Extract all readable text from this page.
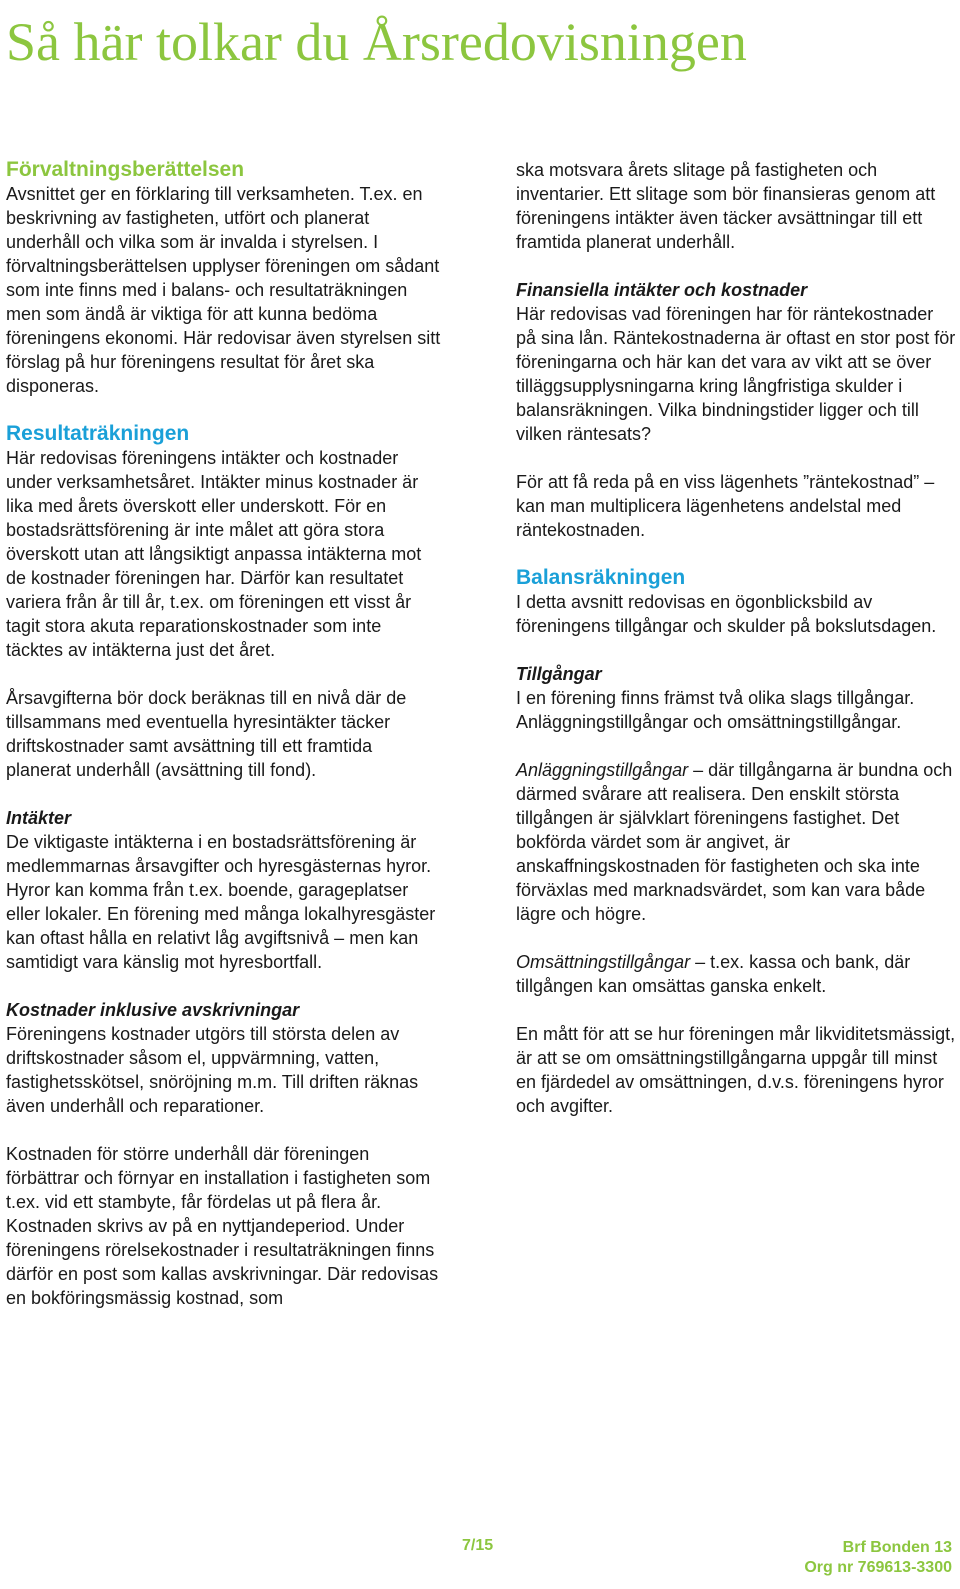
Så här tolkar du Årsredovisningen
Förvaltningsberättelsen

Avsnittet ger en förklaring till verksamheten. T.ex. en beskrivning av fastigheten, utfört och planerat underhåll och vilka som är invalda i styrelsen. I förvaltningsberättelsen upplyser föreningen om sådant som inte finns med i balans- och resultaträkningen men som ändå är viktiga för att kunna bedöma föreningens ekonomi. Här redovisar även styrelsen sitt förslag på hur föreningens resultat för året ska disponeras.

Resultaträkningen

Här redovisas föreningens intäkter och kostnader under verksamhetsåret. Intäkter minus kostnader är lika med årets överskott eller underskott. För en bostadsrättsförening är inte målet att göra stora överskott utan att långsiktigt anpassa intäkterna mot de kostnader föreningen har. Därför kan resultatet variera från år till år, t.ex. om föreningen ett visst år tagit stora akuta reparationskostnader som inte täcktes av intäkterna just det året.

Årsavgifterna bör dock beräknas till en nivå där de tillsammans med eventuella hyresintäkter täcker driftskostnader samt avsättning till ett framtida planerat underhåll (avsättning till fond).

Intäkter

De viktigaste intäkterna i en bostadsrättsförening är medlemmarnas årsavgifter och hyresgästernas hyror. Hyror kan komma från t.ex. boende, garageplatser eller lokaler. En förening med många lokalhyresgäster kan oftast hålla en relativt låg avgiftsnivå – men kan samtidigt vara känslig mot hyresbortfall.

Kostnader inklusive avskrivningar

Föreningens kostnader utgörs till största delen av driftskostnader såsom el, uppvärmning, vatten, fastighetsskötsel, snöröjning m.m. Till driften räknas även underhåll och reparationer.

Kostnaden för större underhåll där föreningen förbättrar och förnyar en installation i fastigheten som t.ex. vid ett stambyte, får fördelas ut på flera år. Kostnaden skrivs av på en nyttjandeperiod. Under föreningens rörelsekostnader i resultaträkningen finns därför en post som kallas avskrivningar. Där redovisas en bokföringsmässig kostnad, som

ska motsvara årets slitage på fastigheten och inventarier. Ett slitage som bör finansieras genom att föreningens intäkter även täcker avsättningar till ett framtida planerat underhåll.

Finansiella intäkter och kostnader

Här redovisas vad föreningen har för räntekostnader på sina lån. Räntekostnaderna är oftast en stor post för föreningarna och här kan det vara av vikt att se över tilläggsupplysningarna kring långfristiga skulder i balansräkningen. Vilka bindningstider ligger och till vilken räntesats?

För att få reda på en viss lägenhets ”räntekostnad” – kan man multiplicera lägenhetens andelstal med räntekostnaden.

Balansräkningen

I detta avsnitt redovisas en ögonblicksbild av föreningens tillgångar och skulder på bokslutsdagen.

Tillgångar

I en förening finns främst två olika slags tillgångar. Anläggningstillgångar och omsättningstillgångar.

Anläggningstillgångar – där tillgångarna är bundna och därmed svårare att realisera. Den enskilt största tillgången är självklart föreningens fastighet. Det bokförda värdet som är angivet, är anskaffningskostnaden för fastigheten och ska inte förväxlas med marknadsvärdet, som kan vara både lägre och högre.

Omsättningstillgångar – t.ex. kassa och bank, där tillgången kan omsättas ganska enkelt.

En mått för att se hur föreningen mår likviditetsmässigt, är att se om omsättningstillgångarna uppgår till minst en fjärdedel av omsättningen, d.v.s. föreningens hyror och avgifter.

7/15	Brf Bonden 13
Org nr 769613-3300
